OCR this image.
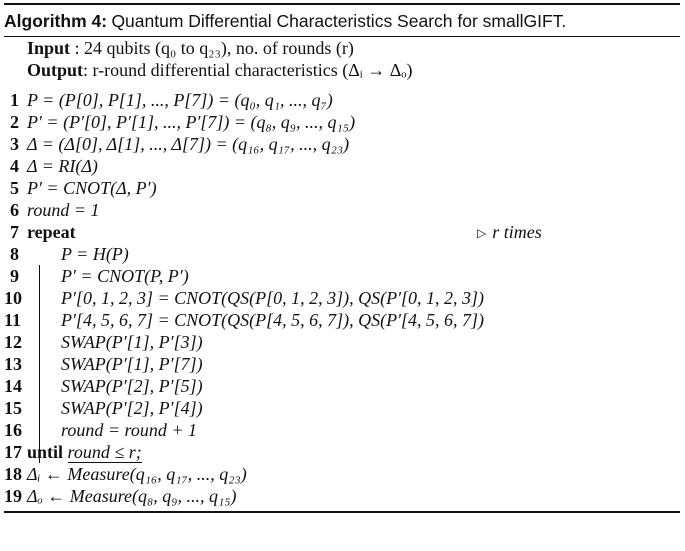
Algorithm 4: Quantum Differential Characteristics Search for smallGIFT.
Input : 24 qubits (q₀ to q₂₃), no. of rounds (r)
Output: r-round differential characteristics (Δᵢ → Δₒ)
1 P = (P[0], P[1], ..., P[7]) = (q₀, q₁, ..., q₇)
2 P′ = (P′[0], P′[1], ..., P′[7]) = (q₈, q₉, ..., q₁₅)
3 Δ = (Δ[0], Δ[1], ..., Δ[7]) = (q₁₆, q₁₇, ..., q₂₃)
4 Δ = RI(Δ)
5 P′ = CNOT(Δ, P′)
6 round = 1
7 repeat	▷ r times
8 P = H(P)
9 P′ = CNOT(P, P′)
10 P′[0, 1, 2, 3] = CNOT(QS(P[0, 1, 2, 3]), QS(P′[0, 1, 2, 3])
11 P′[4, 5, 6, 7] = CNOT(QS(P[4, 5, 6, 7]), QS(P′[4, 5, 6, 7])
12 SWAP(P′[1], P′[3])
13 SWAP(P′[1], P′[7])
14 SWAP(P′[2], P′[5])
15 SWAP(P′[2], P′[4])
16 round = round + 1
17 until round ≤ r;
18 Δᵢ ← Measure(q₁₆, q₁₇, ..., q₂₃)
19 Δₒ ← Measure(q₈, q₉, ..., q₁₅)
